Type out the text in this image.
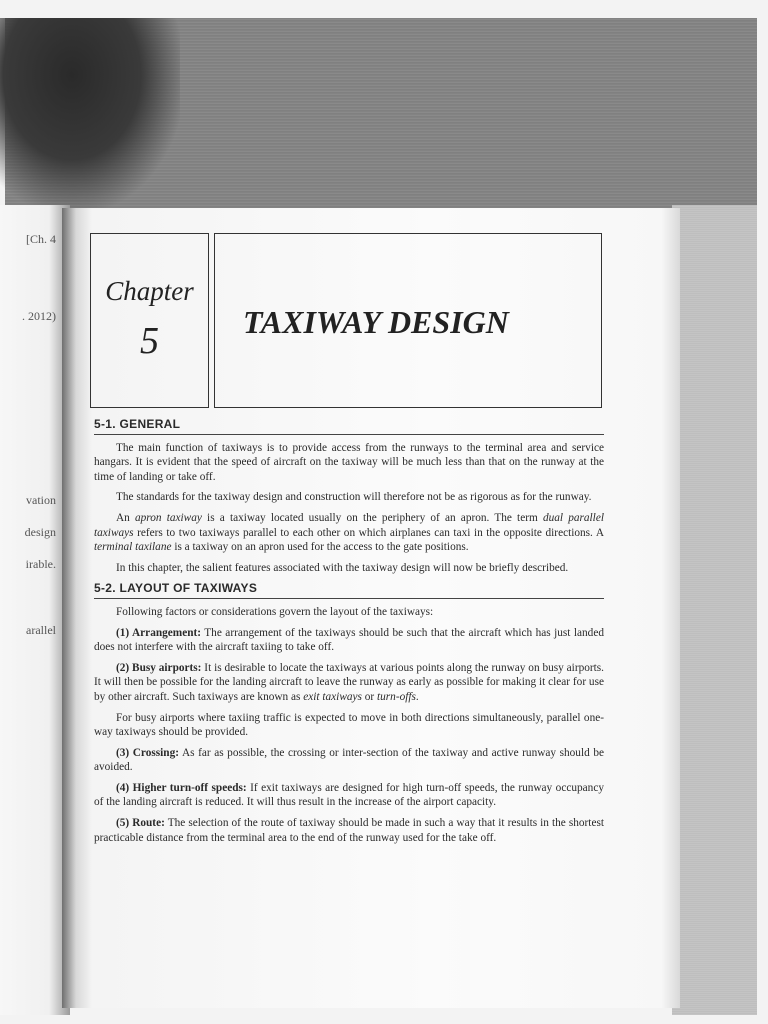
[Ch. 4
. 2012)
vation
design
irable.
arallel
Chapter
5	TAXIWAY DESIGN
5-1. GENERAL

The main function of taxiways is to provide access from the runways to the terminal area and service hangars. It is evident that the speed of aircraft on the taxiway will be much less than that on the runway at the time of landing or take off.

The standards for the taxiway design and construction will therefore not be as rigorous as for the runway.

An apron taxiway is a taxiway located usually on the periphery of an apron. The term dual parallel taxiways refers to two taxiways parallel to each other on which airplanes can taxi in the opposite directions. A terminal taxilane is a taxiway on an apron used for the access to the gate positions.

In this chapter, the salient features associated with the taxiway design will now be briefly described.

5-2. LAYOUT OF TAXIWAYS

Following factors or considerations govern the layout of the taxiways:

(1) Arrangement: The arrangement of the taxiways should be such that the aircraft which has just landed does not interfere with the aircraft taxiing to take off.

(2) Busy airports: It is desirable to locate the taxiways at various points along the runway on busy airports. It will then be possible for the landing aircraft to leave the runway as early as possible for making it clear for use by other aircraft. Such taxiways are known as exit taxiways or turn-offs.

For busy airports where taxiing traffic is expected to move in both directions simultaneously, parallel one-way taxiways should be provided.

(3) Crossing: As far as possible, the crossing or inter-section of the taxiway and active runway should be avoided.

(4) Higher turn-off speeds: If exit taxiways are designed for high turn-off speeds, the runway occupancy of the landing aircraft is reduced. It will thus result in the increase of the airport capacity.

(5) Route: The selection of the route of taxiway should be made in such a way that it results in the shortest practicable distance from the terminal area to the end of the runway used for the take off.
